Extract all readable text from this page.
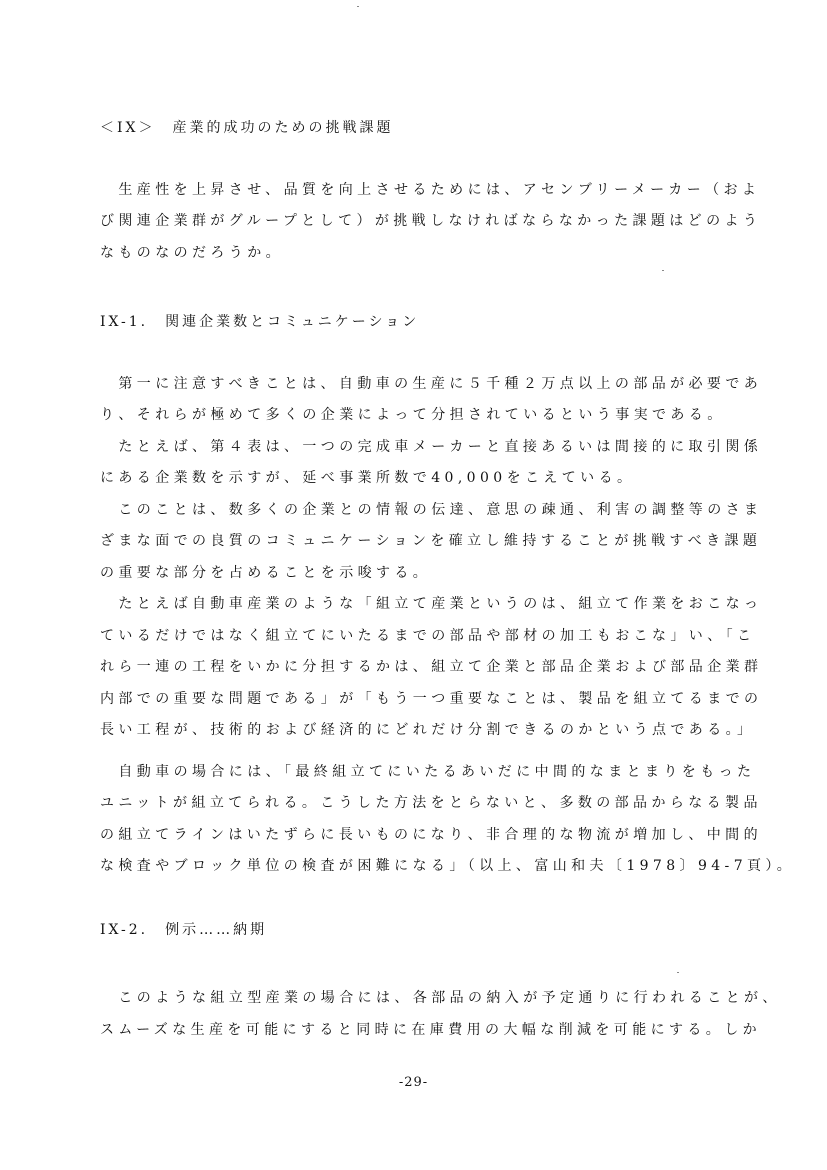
＜IX＞　産業的成功のための挑戦課題
　生産性を上昇させ、品質を向上させるためには、アセンブリーメーカー（およ
び関連企業群がグループとして）が挑戦しなければならなかった課題はどのよう
なものなのだろうか。
IX-1.　関連企業数とコミュニケーション
　第一に注意すべきことは、自動車の生産に５千種２万点以上の部品が必要であ
り、それらが極めて多くの企業によって分担されているという事実である。
　たとえば、第４表は、一つの完成車メーカーと直接あるいは間接的に取引関係
にある企業数を示すが、延べ事業所数で40,000をこえている。
　このことは、数多くの企業との情報の伝達、意思の疎通、利害の調整等のさま
ざまな面での良質のコミュニケーションを確立し維持することが挑戦すべき課題
の重要な部分を占めることを示唆する。
　たとえば自動車産業のような「組立て産業というのは、組立て作業をおこなっ
ているだけではなく組立てにいたるまでの部品や部材の加工もおこな」い、「こ
れら一連の工程をいかに分担するかは、組立て企業と部品企業および部品企業群
内部での重要な問題である」が「もう一つ重要なことは、製品を組立てるまでの
長い工程が、技術的および経済的にどれだけ分割できるのかという点である。」
　自動車の場合には、「最終組立てにいたるあいだに中間的なまとまりをもった
ユニットが組立てられる。こうした方法をとらないと、多数の部品からなる製品
の組立てラインはいたずらに長いものになり、非合理的な物流が増加し、中間的
な検査やブロック単位の検査が困難になる」（以上、富山和夫〔1978〕94-7頁）。
IX-2.　例示……納期
　このような組立型産業の場合には、各部品の納入が予定通りに行われることが、
スムーズな生産を可能にすると同時に在庫費用の大幅な削減を可能にする。しか
-29-
